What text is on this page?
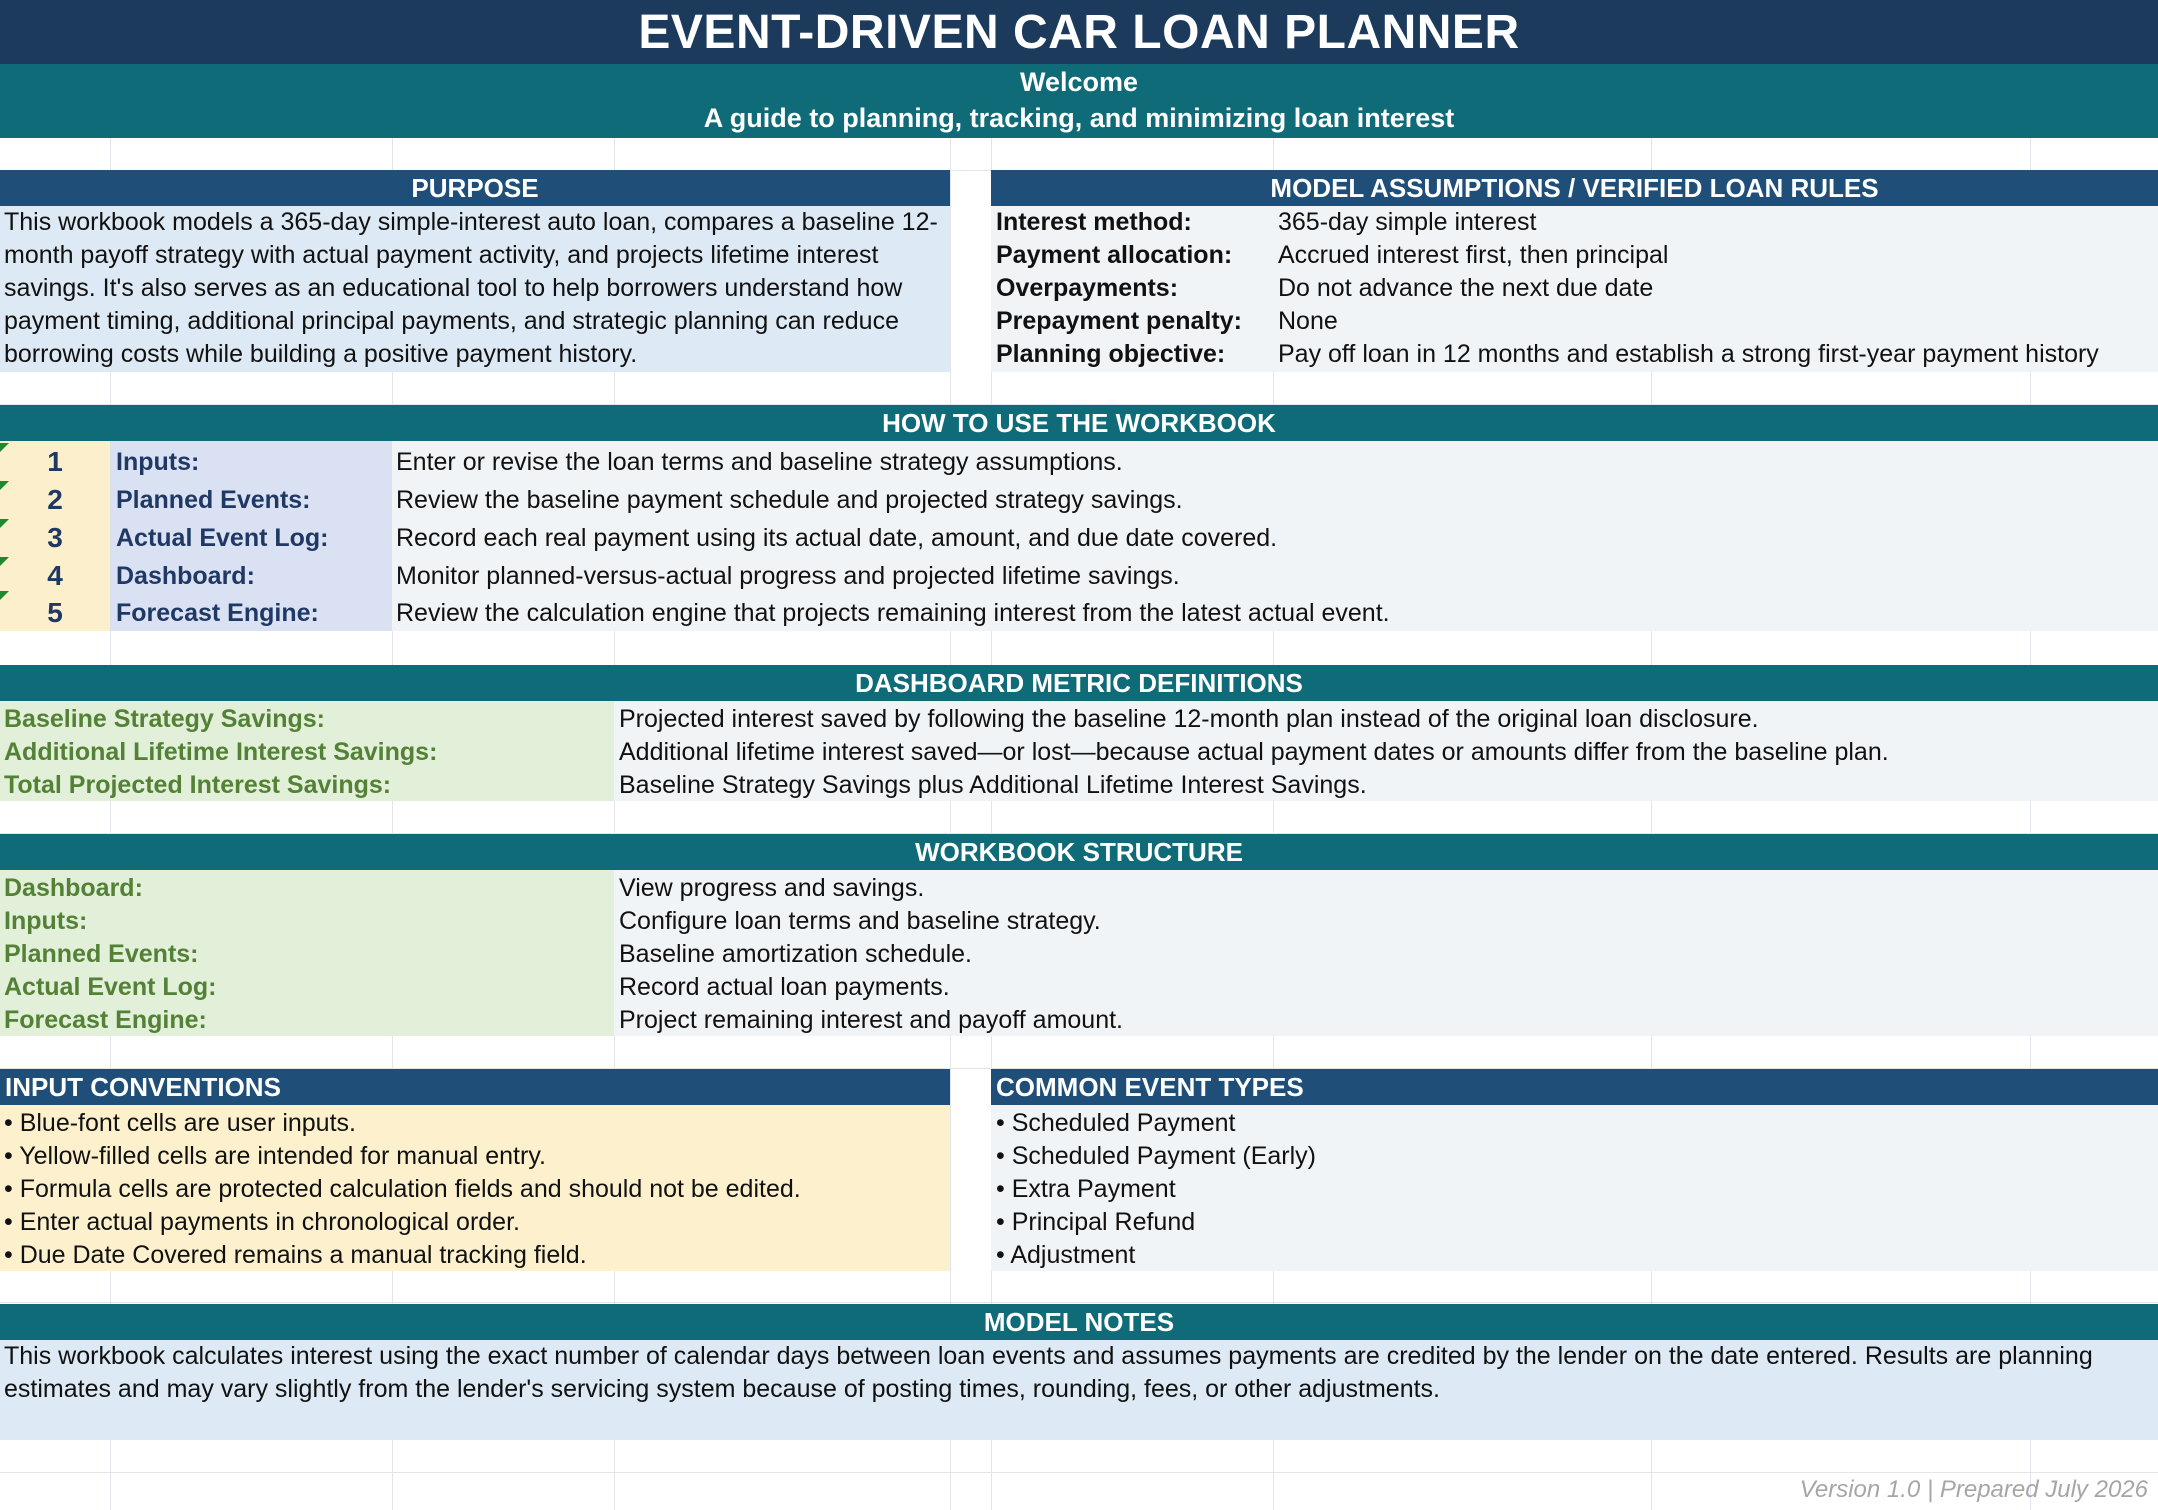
EVENT-DRIVEN CAR LOAN PLANNER
Welcome
A guide to planning, tracking, and minimizing loan interest
PURPOSE
This workbook models a 365-day simple-interest auto loan, compares a baseline 12-month payoff strategy with actual payment activity, and projects lifetime interest savings. It's also serves as an educational tool to help borrowers understand how payment timing, additional principal payments, and strategic planning can reduce borrowing costs while building a positive payment history.
MODEL ASSUMPTIONS / VERIFIED LOAN RULES
Interest method:	365-day simple interest
Payment allocation: Accrued interest first, then principal
Overpayments:	Do not advance the next due date
Prepayment penalty: None
Planning objective: Pay off loan in 12 months and establish a strong first-year payment history
HOW TO USE THE WORKBOOK
1	Inputs:	Enter or revise the loan terms and baseline strategy assumptions.
2	Planned Events:	Review the baseline payment schedule and projected strategy savings.
3	Actual Event Log:	Record each real payment using its actual date, amount, and due date covered.
4	Dashboard:	Monitor planned-versus-actual progress and projected lifetime savings.
5	Forecast Engine:	Review the calculation engine that projects remaining interest from the latest actual event.
DASHBOARD METRIC DEFINITIONS
Baseline Strategy Savings:	Projected interest saved by following the baseline 12-month plan instead of the original loan disclosure.
Additional Lifetime Interest Savings:	Additional lifetime interest saved—or lost—because actual payment dates or amounts differ from the baseline plan.
Total Projected Interest Savings:	Baseline Strategy Savings plus Additional Lifetime Interest Savings.
WORKBOOK STRUCTURE
Dashboard:	View progress and savings.
Inputs:	Configure loan terms and baseline strategy.
Planned Events:	Baseline amortization schedule.
Actual Event Log:	Record actual loan payments.
Forecast Engine:	Project remaining interest and payoff amount.
INPUT CONVENTIONS
• Blue-font cells are user inputs.
• Yellow-filled cells are intended for manual entry.
• Formula cells are protected calculation fields and should not be edited.
• Enter actual payments in chronological order.
• Due Date Covered remains a manual tracking field.
COMMON EVENT TYPES
• Scheduled Payment
• Scheduled Payment (Early)
• Extra Payment
• Principal Refund
• Adjustment
MODEL NOTES
This workbook calculates interest using the exact number of calendar days between loan events and assumes payments are credited by the lender on the date entered. Results are planning estimates and may vary slightly from the lender's servicing system because of posting times, rounding, fees, or other adjustments.
Version 1.0 | Prepared July 2026
